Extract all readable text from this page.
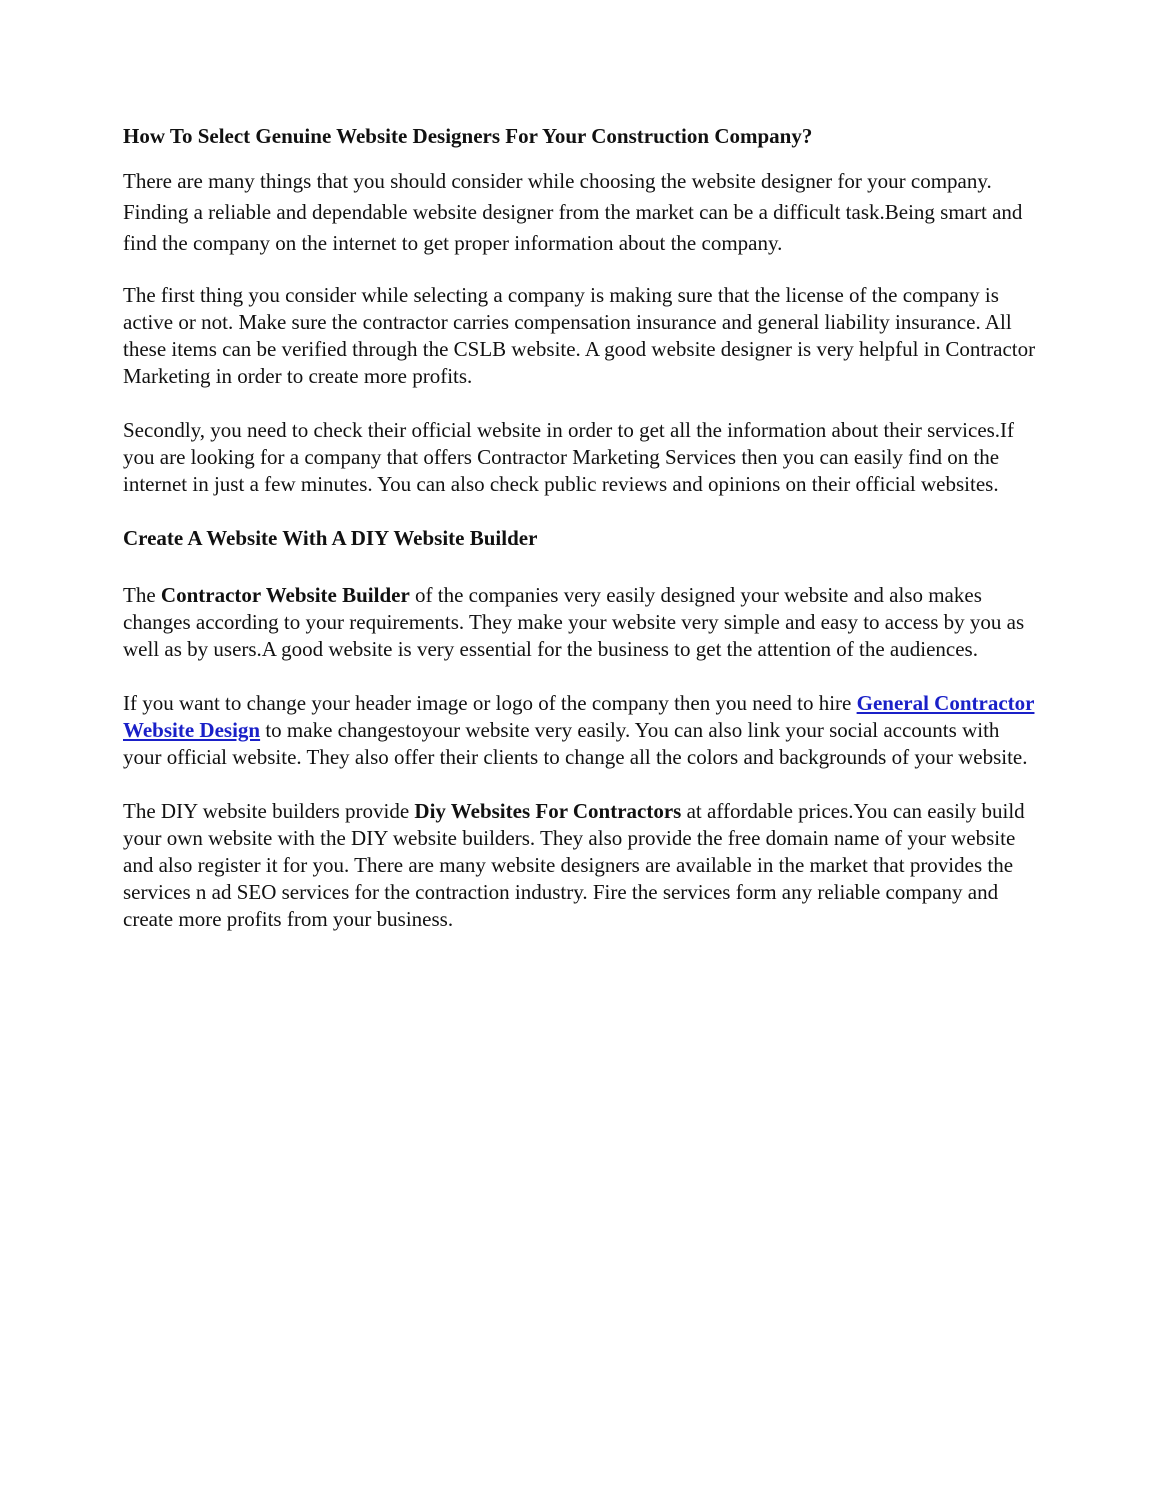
How To Select Genuine Website Designers For Your Construction Company?

There are many things that you should consider while choosing the website designer for your company. Finding a reliable and dependable website designer from the market can be a difficult task.Being smart and find the company on the internet to get proper information about the company.

The first thing you consider while selecting a company is making sure that the license of the company is active or not. Make sure the contractor carries compensation insurance and general liability insurance. All these items can be verified through the CSLB website. A good website designer is very helpful in Contractor Marketing in order to create more profits.

Secondly, you need to check their official website in order to get all the information about their services.If you are looking for a company that offers Contractor Marketing Services then you can easily find on the internet in just a few minutes. You can also check public reviews and opinions on their official websites.

Create A Website With A DIY Website Builder

The Contractor Website Builder of the companies very easily designed your website and also makes changes according to your requirements. They make your website very simple and easy to access by you as well as by users.A good website is very essential for the business to get the attention of the audiences.

If you want to change your header image or logo of the company then you need to hire General Contractor Website Design to make changestoyour website very easily. You can also link your social accounts with your official website. They also offer their clients to change all the colors and backgrounds of your website.

The DIY website builders provide Diy Websites For Contractors at affordable prices.You can easily build your own website with the DIY website builders. They also provide the free domain name of your website and also register it for you. There are many website designers are available in the market that provides the services n ad SEO services for the contraction industry. Fire the services form any reliable company and create more profits from your business.
